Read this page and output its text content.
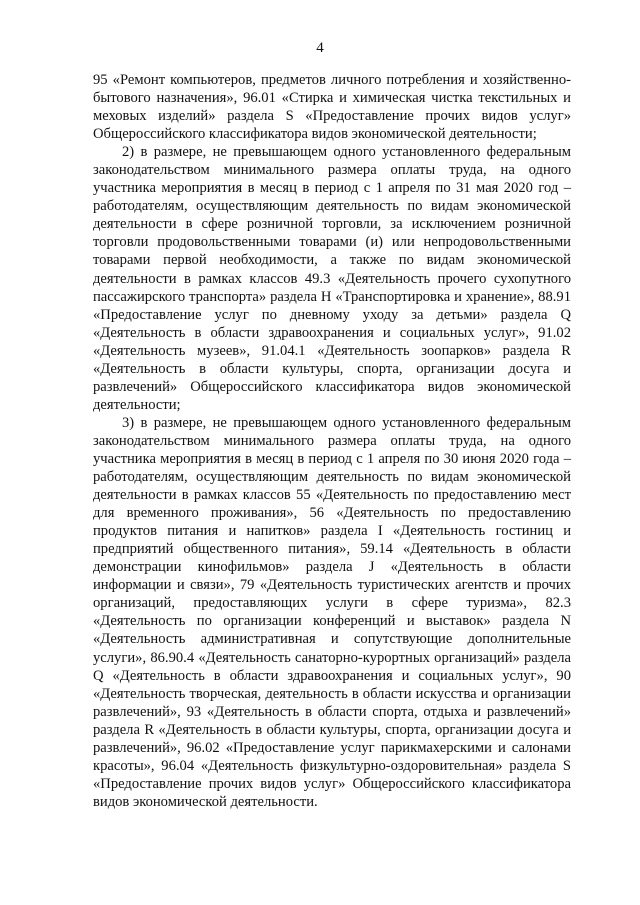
4

95 «Ремонт компьютеров, предметов личного потребления и хозяйственно-бытового назначения», 96.01 «Стирка и химическая чистка текстильных и меховых изделий» раздела S «Предоставление прочих видов услуг» Общероссийского классификатора видов экономической деятельности;

2) в размере, не превышающем одного установленного федеральным законодательством минимального размера оплаты труда, на одного участника мероприятия в месяц в период с 1 апреля по 31 мая 2020 год – работодателям, осуществляющим деятельность по видам экономической деятельности в сфере розничной торговли, за исключением розничной торговли продовольственными товарами (и) или непродовольственными товарами первой необходимости, а также по видам экономической деятельности в рамках классов 49.3 «Деятельность прочего сухопутного пассажирского транспорта» раздела H «Транспортировка и хранение», 88.91 «Предоставление услуг по дневному уходу за детьми» раздела Q «Деятельность в области здравоохранения и социальных услуг», 91.02 «Деятельность музеев», 91.04.1 «Деятельность зоопарков» раздела R «Деятельность в области культуры, спорта, организации досуга и развлечений» Общероссийского классификатора видов экономической деятельности;

3) в размере, не превышающем одного установленного федеральным законодательством минимального размера оплаты труда, на одного участника мероприятия в месяц в период с 1 апреля по 30 июня 2020 года – работодателям, осуществляющим деятельность по видам экономической деятельности в рамках классов 55 «Деятельность по предоставлению мест для временного проживания», 56 «Деятельность по предоставлению продуктов питания и напитков» раздела I «Деятельность гостиниц и предприятий общественного питания», 59.14 «Деятельность в области демонстрации кинофильмов» раздела J «Деятельность в области информации и связи», 79 «Деятельность туристических агентств и прочих организаций, предоставляющих услуги в сфере туризма», 82.3 «Деятельность по организации конференций и выставок» раздела N «Деятельность административная и сопутствующие дополнительные услуги», 86.90.4 «Деятельность санаторно-курортных организаций» раздела Q «Деятельность в области здравоохранения и социальных услуг», 90 «Деятельность творческая, деятельность в области искусства и организации развлечений», 93 «Деятельность в области спорта, отдыха и развлечений» раздела R «Деятельность в области культуры, спорта, организации досуга и развлечений», 96.02 «Предоставление услуг парикмахерскими и салонами красоты», 96.04 «Деятельность физкультурно-оздоровительная» раздела S «Предоставление прочих видов услуг» Общероссийского классификатора видов экономической деятельности.
